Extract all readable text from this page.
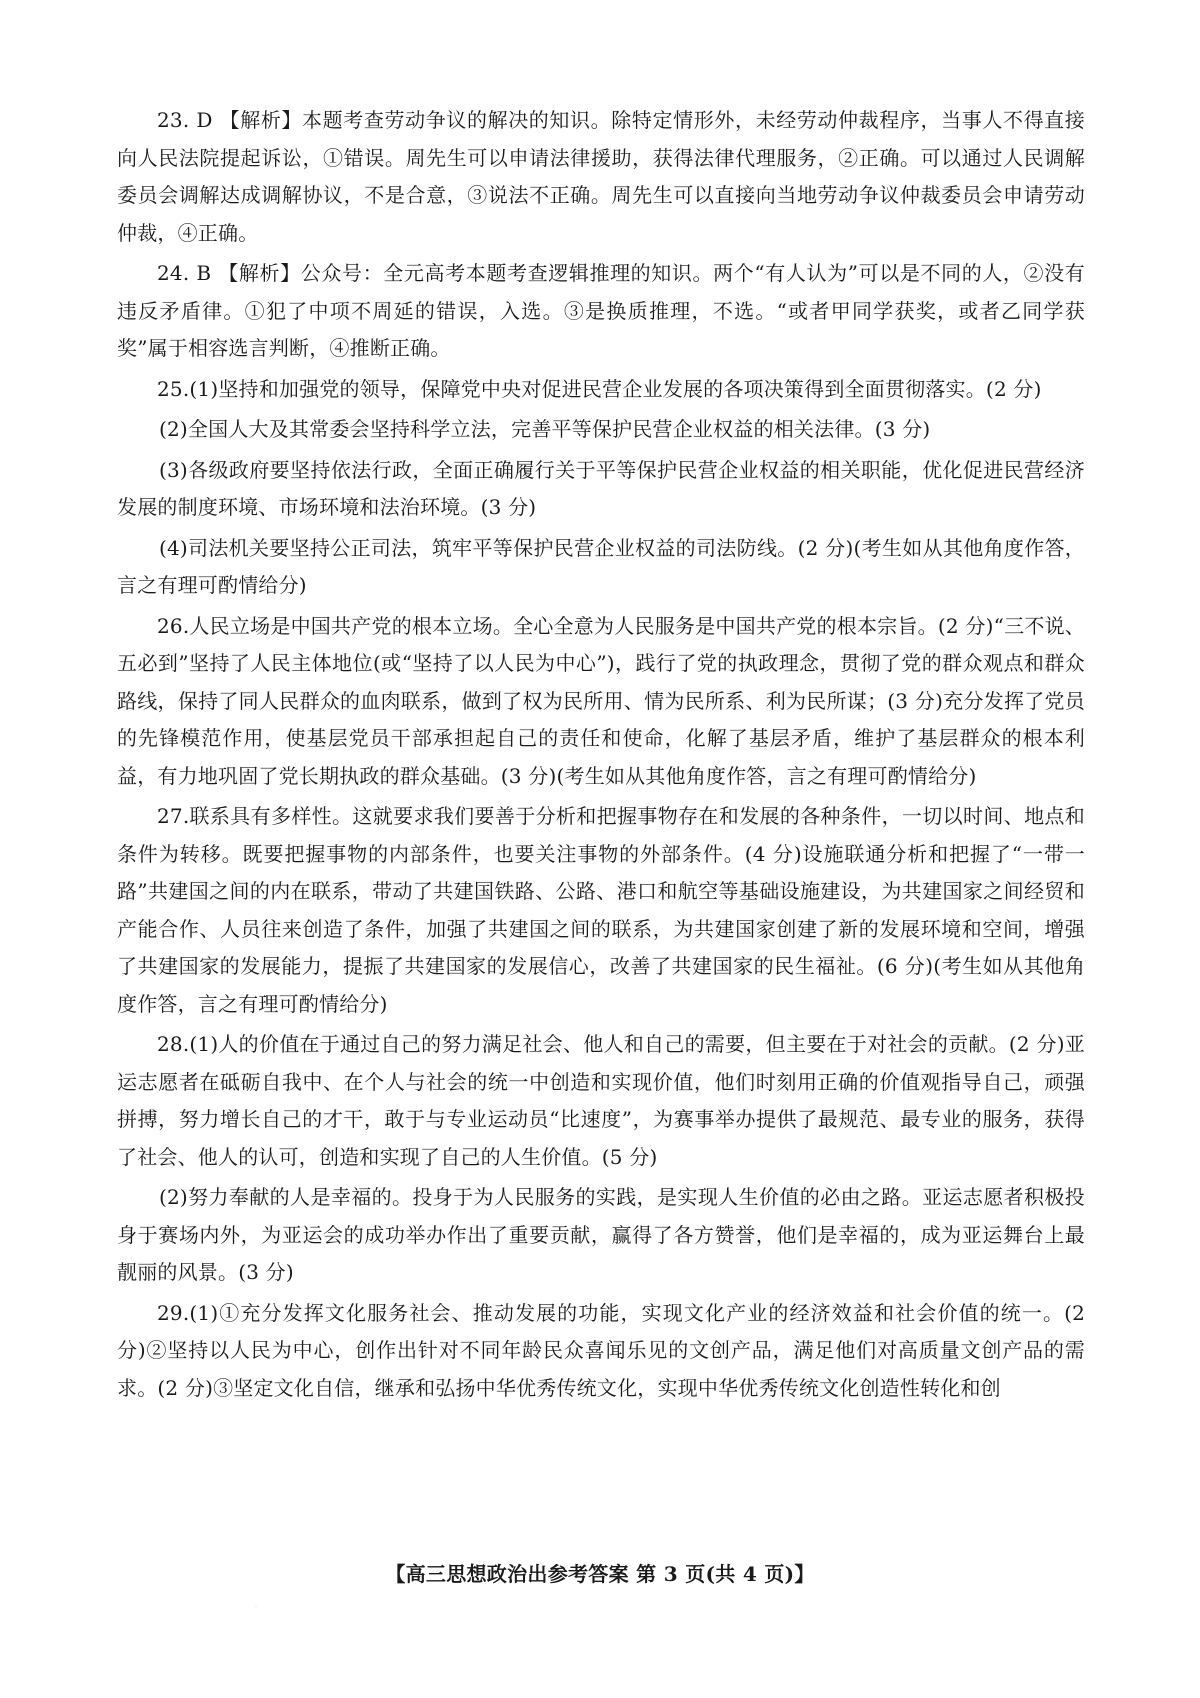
23. D 【解析】本题考查劳动争议的解决的知识。除特定情形外，未经劳动仲裁程序，当事人不得直接向人民法院提起诉讼，①错误。周先生可以申请法律援助，获得法律代理服务，②正确。可以通过人民调解委员会调解达成调解协议，不是合意，③说法不正确。周先生可以直接向当地劳动争议仲裁委员会申请劳动仲裁，④正确。

24. B 【解析】公众号：全元高考本题考查逻辑推理的知识。两个“有人认为”可以是不同的人，②没有违反矛盾律。①犯了中项不周延的错误，入选。③是换质推理，不选。“或者甲同学获奖，或者乙同学获奖”属于相容选言判断，④推断正确。

25.(1)坚持和加强党的领导，保障党中央对促进民营企业发展的各项决策得到全面贯彻落实。(2 分)

(2)全国人大及其常委会坚持科学立法，完善平等保护民营企业权益的相关法律。(3 分)

(3)各级政府要坚持依法行政，全面正确履行关于平等保护民营企业权益的相关职能，优化促进民营经济发展的制度环境、市场环境和法治环境。(3 分)

(4)司法机关要坚持公正司法，筑牢平等保护民营企业权益的司法防线。(2 分)(考生如从其他角度作答，言之有理可酌情给分)

26.人民立场是中国共产党的根本立场。全心全意为人民服务是中国共产党的根本宗旨。(2 分)“三不说、五必到”坚持了人民主体地位(或“坚持了以人民为中心”)，践行了党的执政理念，贯彻了党的群众观点和群众路线，保持了同人民群众的血肉联系，做到了权为民所用、情为民所系、利为民所谋；(3 分)充分发挥了党员的先锋模范作用，使基层党员干部承担起自己的责任和使命，化解了基层矛盾，维护了基层群众的根本利益，有力地巩固了党长期执政的群众基础。(3 分)(考生如从其他角度作答，言之有理可酌情给分)

27.联系具有多样性。这就要求我们要善于分析和把握事物存在和发展的各种条件，一切以时间、地点和条件为转移。既要把握事物的内部条件，也要关注事物的外部条件。(4 分)设施联通分析和把握了“一带一路”共建国之间的内在联系，带动了共建国铁路、公路、港口和航空等基础设施建设，为共建国家之间经贸和产能合作、人员往来创造了条件，加强了共建国之间的联系，为共建国家创建了新的发展环境和空间，增强了共建国家的发展能力，提振了共建国家的发展信心，改善了共建国家的民生福祉。(6 分)(考生如从其他角度作答，言之有理可酌情给分)

28.(1)人的价值在于通过自己的努力满足社会、他人和自己的需要，但主要在于对社会的贡献。(2 分)亚运志愿者在砥砺自我中、在个人与社会的统一中创造和实现价值，他们时刻用正确的价值观指导自己，顽强拼搏，努力增长自己的才干，敢于与专业运动员“比速度”，为赛事举办提供了最规范、最专业的服务，获得了社会、他人的认可，创造和实现了自己的人生价值。(5 分)

(2)努力奉献的人是幸福的。投身于为人民服务的实践，是实现人生价值的必由之路。亚运志愿者积极投身于赛场内外，为亚运会的成功举办作出了重要贡献，赢得了各方赞誉，他们是幸福的，成为亚运舞台上最靓丽的风景。(3 分)

29.(1)①充分发挥文化服务社会、推动发展的功能，实现文化产业的经济效益和社会价值的统一。(2 分)②坚持以人民为中心，创作出针对不同年龄民众喜闻乐见的文创产品，满足他们对高质量文创产品的需求。(2 分)③坚定文化自信，继承和弘扬中华优秀传统文化，实现中华优秀传统文化创造性转化和创

【高三思想政治出参考答案 第 3 页(共 4 页)】
·
